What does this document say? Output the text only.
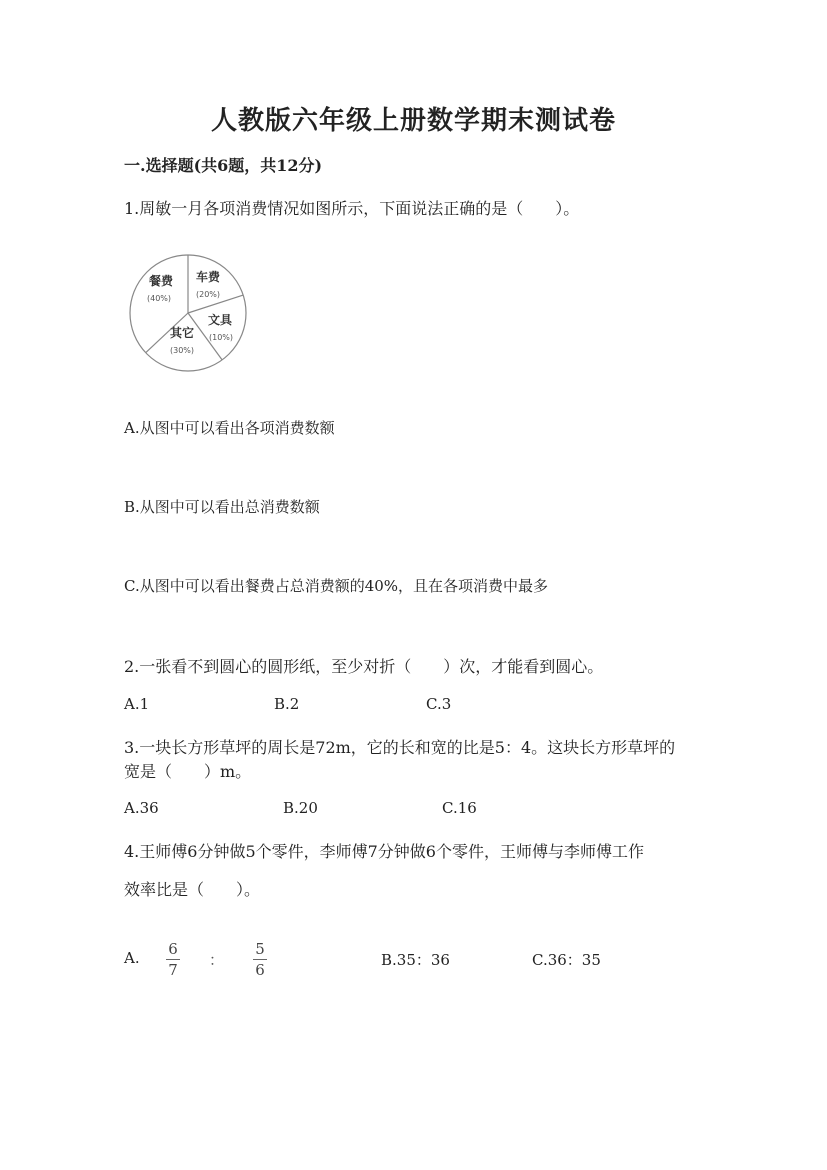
人教版六年级上册数学期末测试卷
一.选择题(共6题，共12分)
1.周敏一月各项消费情况如图所示，下面说法正确的是（　　）。
车费
(20%)
文具
(10%)
其它
(30%)
餐费
(40%)
A.从图中可以看出各项消费数额
B.从图中可以看出总消费数额
C.从图中可以看出餐费占总消费额的40%，且在各项消费中最多
2.一张看不到圆心的圆形纸，至少对折（　　）次，才能看到圆心。
A.1	B.2	C.3
3.一块长方形草坪的周长是72m，它的长和宽的比是5：4。这块长方形草坪的
宽是（　　）m。
A.36	B.20	C.16
4.王师傅6分钟做5个零件，李师傅7分钟做6个零件，王师傅与李师傅工作
效率比是（　　）。
A.	6
7
：
5
6
B.35：36	C.36：35
